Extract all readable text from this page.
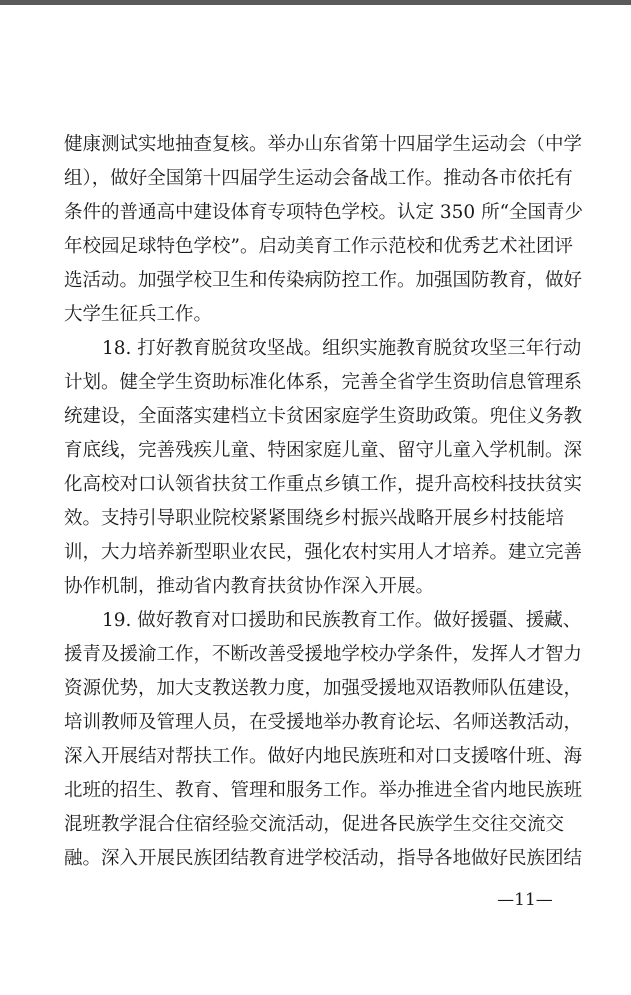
健康测试实地抽查复核。举办山东省第十四届学生运动会（中学
组），做好全国第十四届学生运动会备战工作。推动各市依托有
条件的普通高中建设体育专项特色学校。认定 350 所“全国青少
年校园足球特色学校”。启动美育工作示范校和优秀艺术社团评
选活动。加强学校卫生和传染病防控工作。加强国防教育，做好
大学生征兵工作。
18. 打好教育脱贫攻坚战。组织实施教育脱贫攻坚三年行动
计划。健全学生资助标准化体系，完善全省学生资助信息管理系
统建设，全面落实建档立卡贫困家庭学生资助政策。兜住义务教
育底线，完善残疾儿童、特困家庭儿童、留守儿童入学机制。深
化高校对口认领省扶贫工作重点乡镇工作，提升高校科技扶贫实
效。支持引导职业院校紧紧围绕乡村振兴战略开展乡村技能培
训，大力培养新型职业农民，强化农村实用人才培养。建立完善
协作机制，推动省内教育扶贫协作深入开展。
19. 做好教育对口援助和民族教育工作。做好援疆、援藏、
援青及援渝工作，不断改善受援地学校办学条件，发挥人才智力
资源优势，加大支教送教力度，加强受援地双语教师队伍建设，
培训教师及管理人员，在受援地举办教育论坛、名师送教活动，
深入开展结对帮扶工作。做好内地民族班和对口支援喀什班、海
北班的招生、教育、管理和服务工作。举办推进全省内地民族班
混班教学混合住宿经验交流活动，促进各民族学生交往交流交
融。深入开展民族团结教育进学校活动，指导各地做好民族团结
—11—
